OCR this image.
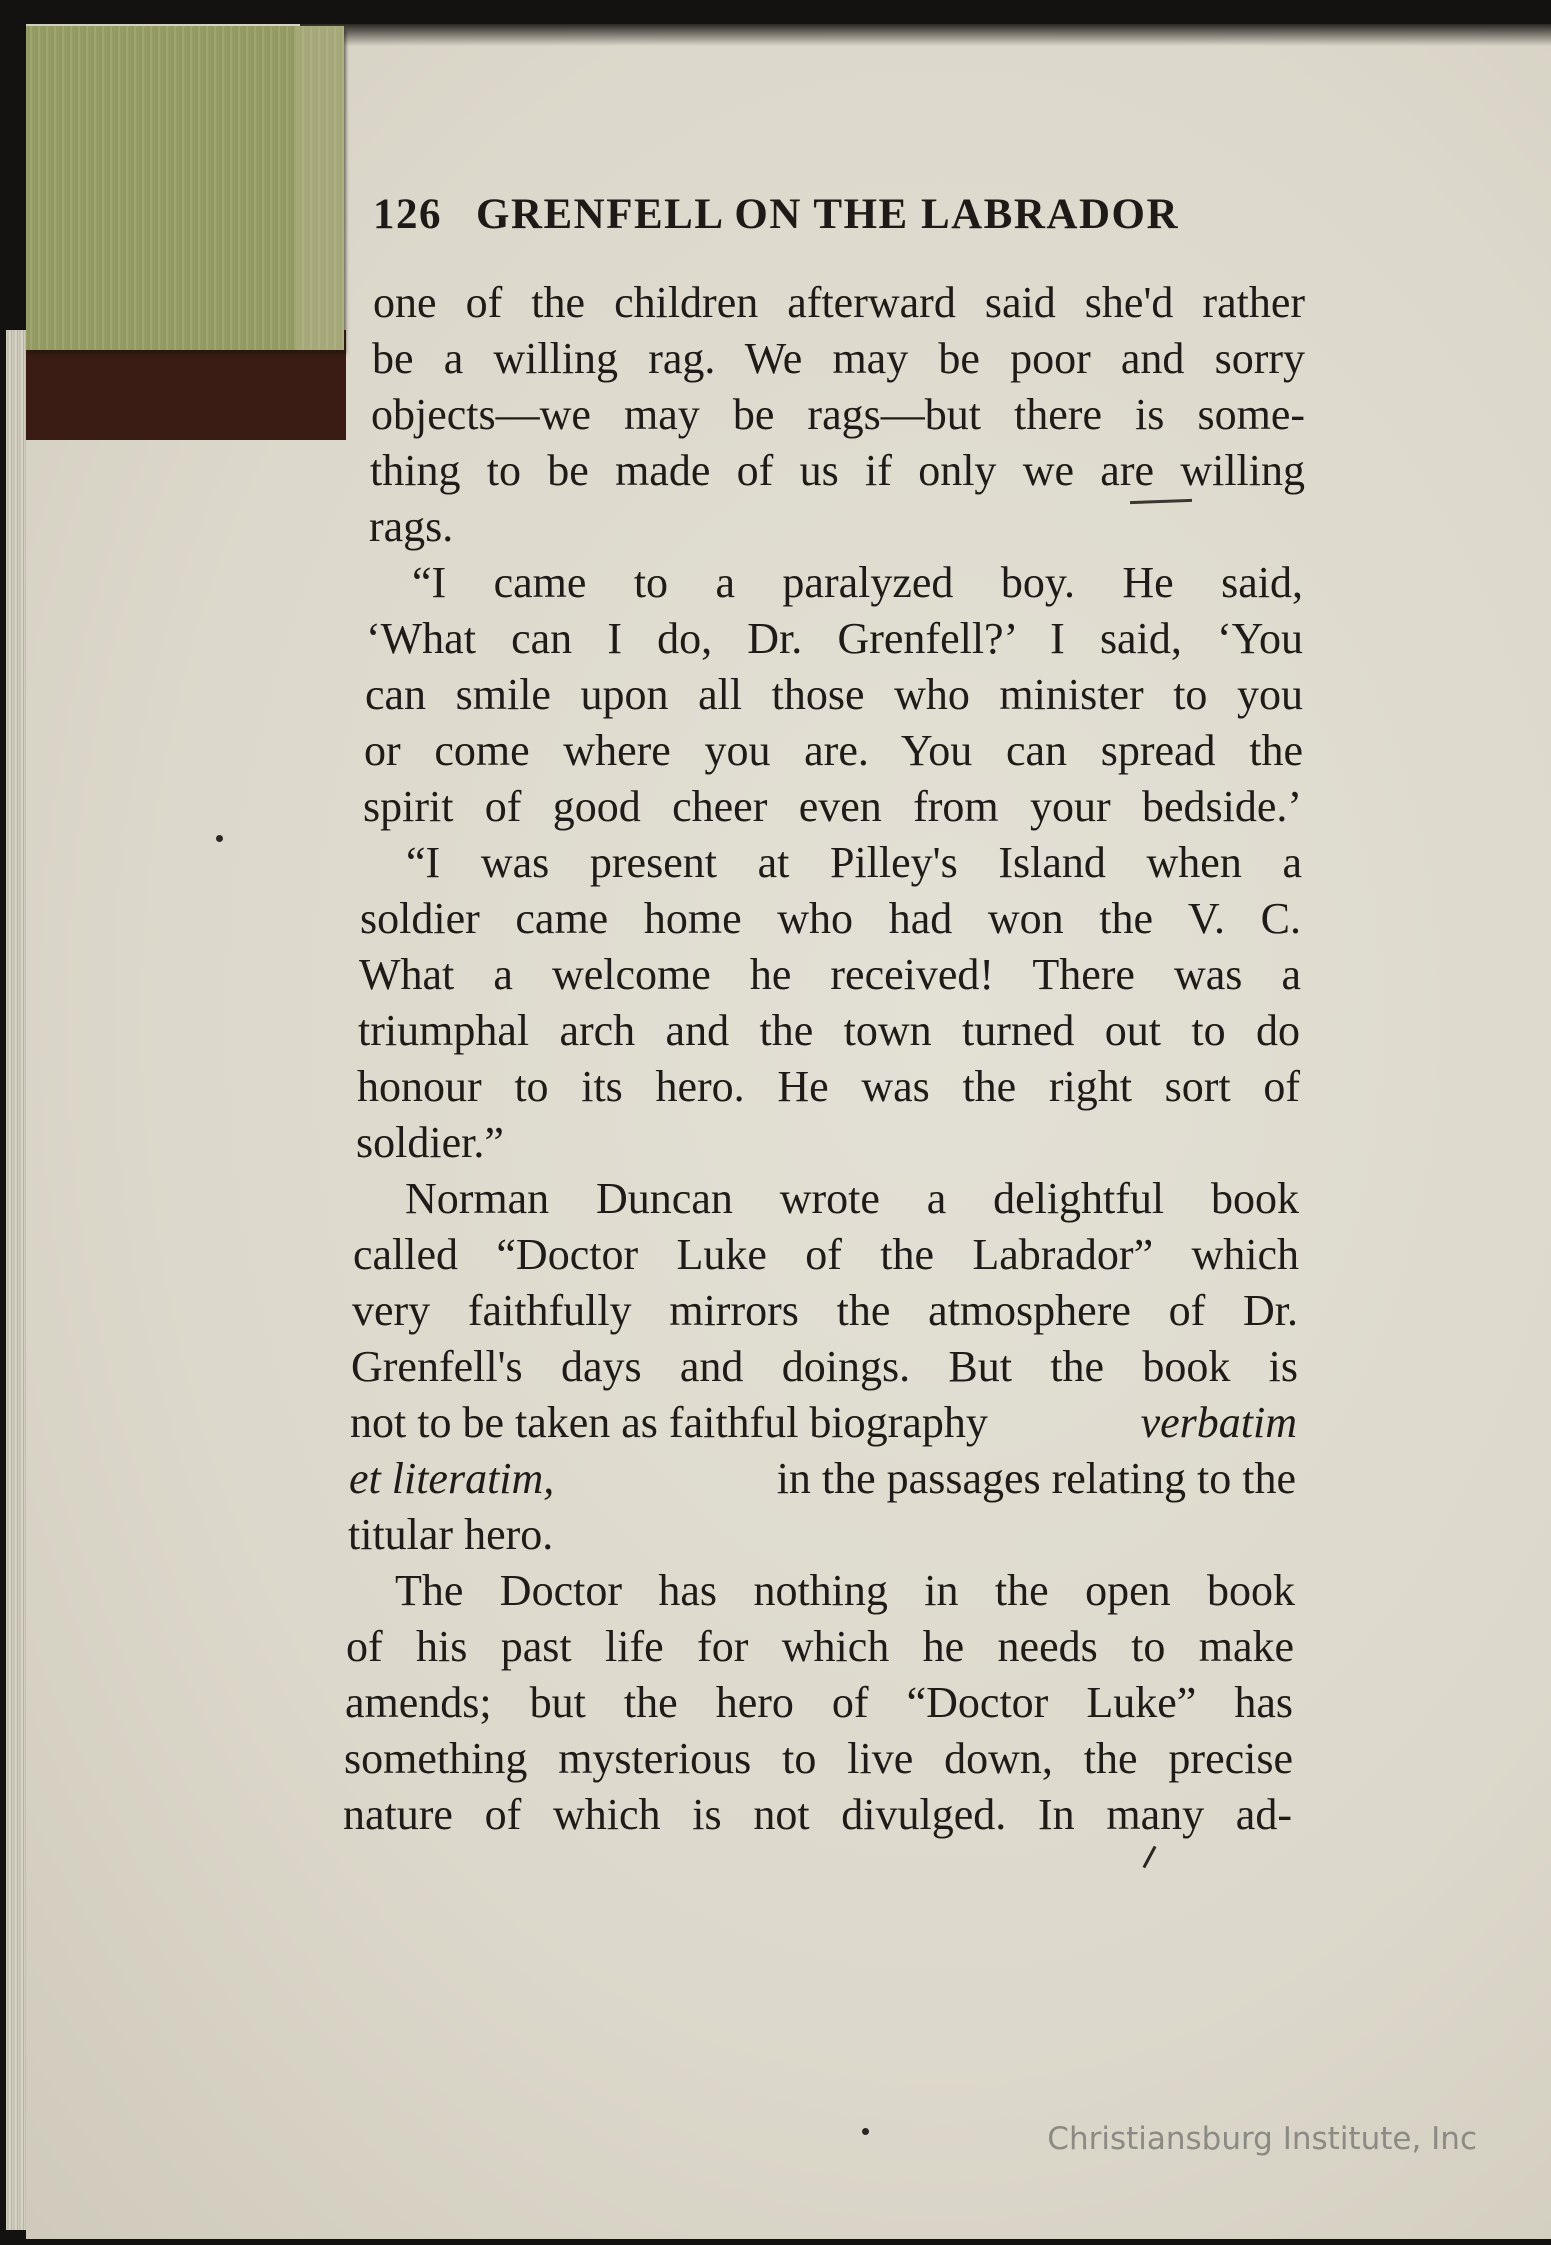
126 GRENFELL ON THE LABRADOR
one of the children afterward said she'd rather
be a willing rag. We may be poor and sorry
objects—we may be rags—but there is some-
thing to be made of us if only we are willing
rags.
“I came to a paralyzed boy. He said,
‘What can I do, Dr. Grenfell?’ I said, ‘You
can smile upon all those who minister to you
or come where you are. You can spread the
spirit of good cheer even from your bedside.’
“I was present at Pilley's Island when a
soldier came home who had won the V. C.
What a welcome he received! There was a
triumphal arch and the town turned out to do
honour to its hero. He was the right sort of
soldier.”
Norman Duncan wrote a delightful book
called “Doctor Luke of the Labrador” which
very faithfully mirrors the atmosphere of Dr.
Grenfell's days and doings. But the book is
not to be taken as faithful biography	verbatim
et literatim,	in the passages relating to the
titular hero.
The Doctor has nothing in the open book
of his past life for which he needs to make
amends; but the hero of “Doctor Luke” has
something mysterious to live down, the precise
nature of which is not divulged. In many ad-
Christiansburg Institute, Inc
